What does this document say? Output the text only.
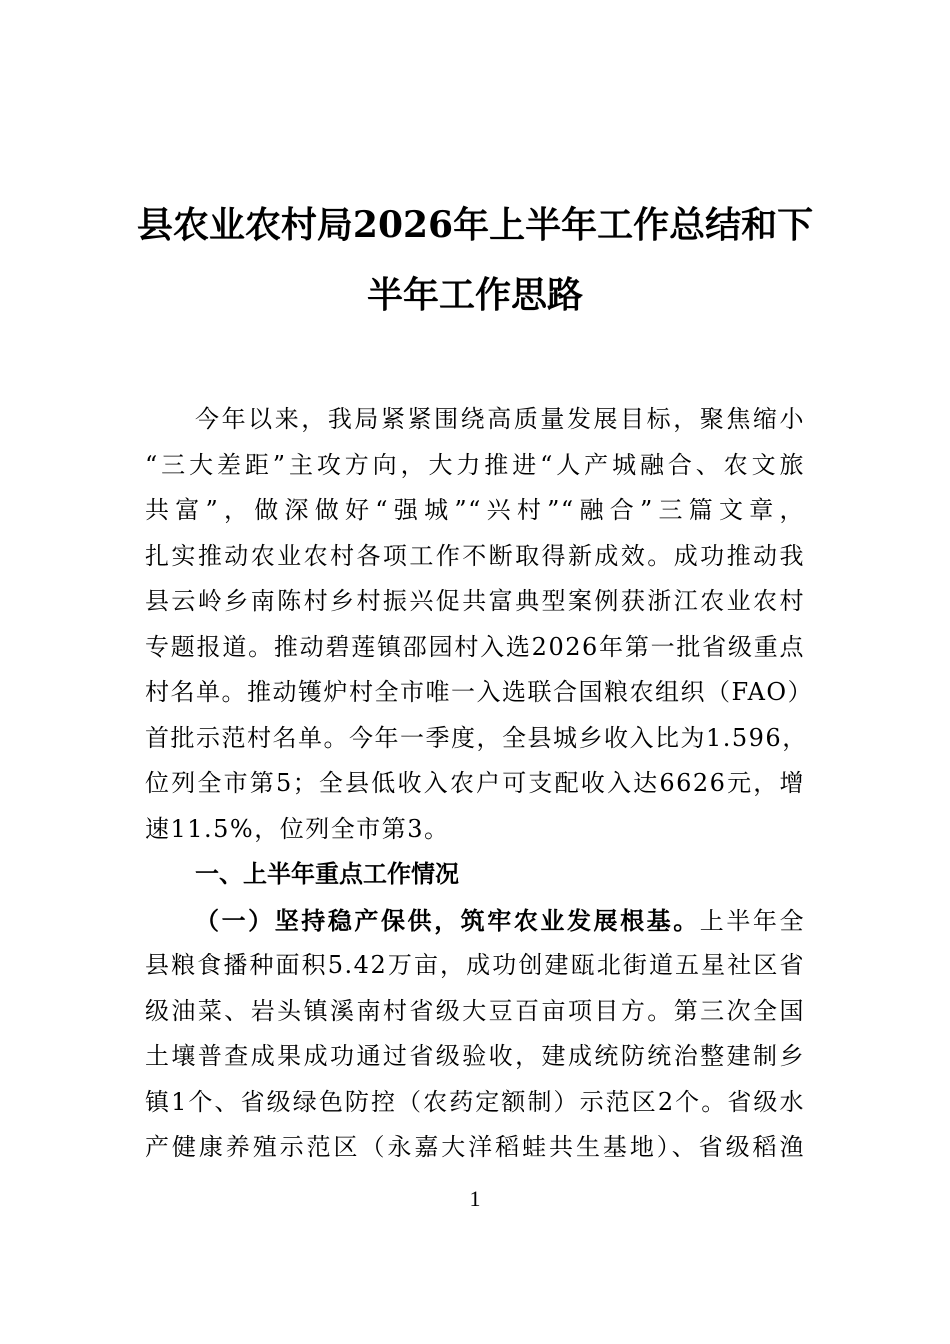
县农业农村局2026年上半年工作总结和下
半年工作思路
今年以来，我局紧紧围绕高质量发展目标，聚焦缩小
“三大差距”主攻方向，大力推进“人产城融合、农文旅
共富”，做深做好“强城”“兴村”“融合”三篇文章，
扎实推动农业农村各项工作不断取得新成效。成功推动我
县云岭乡南陈村乡村振兴促共富典型案例获浙江农业农村
专题报道。推动碧莲镇邵园村入选2026年第一批省级重点
村名单。推动镬炉村全市唯一入选联合国粮农组织（FAO）
首批示范村名单。今年一季度，全县城乡收入比为1.596，
位列全市第5；全县低收入农户可支配收入达6626元，增
速11.5%，位列全市第3。
一、上半年重点工作情况
（一）坚持稳产保供，筑牢农业发展根基。上半年全
县粮食播种面积5.42万亩，成功创建瓯北街道五星社区省
级油菜、岩头镇溪南村省级大豆百亩项目方。第三次全国
土壤普查成果成功通过省级验收，建成统防统治整建制乡
镇1个、省级绿色防控（农药定额制）示范区2个。省级水
产健康养殖示范区（永嘉大洋稻蛙共生基地）、省级稻渔
1
